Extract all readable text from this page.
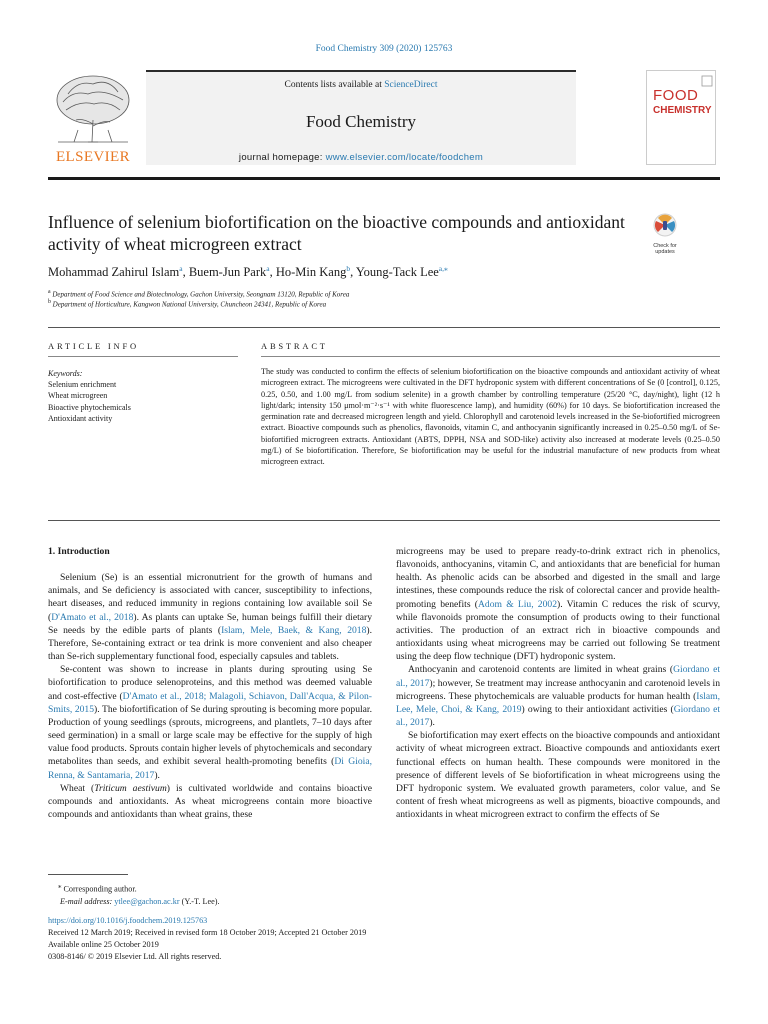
Food Chemistry 309 (2020) 125763
ELSEVIER
Contents lists available at ScienceDirect
Food Chemistry
journal homepage: www.elsevier.com/locate/foodchem
FOOD
CHEMISTRY
Influence of selenium biofortification on the bioactive compounds and antioxidant activity of wheat microgreen extract	Check for
updates
Mohammad Zahirul Islam$^a$, Buem-Jun Park$^a$, Ho-Min Kang$^b$, Young-Tack Lee$^{a,⁎}$
$^a$ Department of Food Science and Biotechnology, Gachon University, Seongnam 13120, Republic of Korea
$^b$ Department of Horticulture, Kangwon National University, Chuncheon 24341, Republic of Korea
ARTICLE INFO	ABSTRACT
Keywords:
Selenium enrichment
Wheat microgreen
Bioactive phytochemicals
Antioxidant activity
The study was conducted to confirm the effects of selenium biofortification on the bioactive compounds and antioxidant activity of wheat microgreen extract. The microgreens were cultivated in the DFT hydroponic system with different concentrations of Se (0 [control], 0.125, 0.25, 0.50, and 1.00 mg/L from sodium selenite) in a growth chamber by controlling temperature (25/20 °C, day/night), light (12 h light/dark; intensity 150 μmol·m⁻²·s⁻¹ with white fluorescence lamp), and humidity (60%) for 10 days. Se biofortification increased the germination rate and decreased microgreen length and yield. Chlorophyll and carotenoid levels increased in the Se-biofortified microgreen extract. Bioactive compounds such as phenolics, flavonoids, vitamin C, and anthocyanin significantly increased in 0.25–0.50 mg/L of Se-biofortified microgreen extracts. Antioxidant (ABTS, DPPH, NSA and SOD-like) activity also increased at moderate levels (0.25–0.50 mg/L) of Se biofortification. Therefore, Se biofortification may be useful for the industrial manufacture of new products from wheat microgreen extract.
1. Introduction

Selenium (Se) is an essential micronutrient for the growth of humans and animals, and Se deficiency is associated with cancer, susceptibility to infections, heart diseases, and reduced immunity in regions containing low available soil Se (D'Amato et al., 2018). As plants can uptake Se, human beings fulfill their dietary Se needs by the edible parts of plants (Islam, Mele, Baek, & Kang, 2018). Therefore, Se-containing extract or tea drink is more convenient and also cheaper than Se-rich supplementary functional food, especially capsules and tablets.

Se-content was shown to increase in plants during sprouting using Se biofortification to produce selenoproteins, and this method was deemed valuable and cost-effective (D'Amato et al., 2018; Malagoli, Schiavon, Dall'Acqua, & Pilon-Smits, 2015). The biofortification of Se during sprouting is becoming more popular. Production of young seedlings (sprouts, microgreens, and plantlets, 7–10 days after seed germination) in a small or large scale may be effective for the supply of high value food products. Sprouts contain higher levels of phytochemicals and secondary metabolites than seeds, and exhibit several health-promoting benefits (Di Gioia, Renna, & Santamaria, 2017).

Wheat (Triticum aestivum) is cultivated worldwide and contains bioactive compounds and antioxidants. As wheat microgreens contain more bioactive compounds and antioxidants than wheat grains, these

microgreens may be used to prepare ready-to-drink extract rich in phenolics, flavonoids, anthocyanins, vitamin C, and antioxidants that are beneficial for human health. As phenolic acids can be absorbed and digested in the small and large intestines, these compounds reduce the risk of colorectal cancer and provide health-promoting benefits (Adom & Liu, 2002). Vitamin C reduces the risk of scurvy, while flavonoids promote the consumption of products owing to their functional activities. The production of an extract rich in bioactive compounds and antioxidants using wheat microgreens may be carried out following Se treatment using the deep flow technique (DFT) hydroponic system.

Anthocyanin and carotenoid contents are limited in wheat grains (Giordano et al., 2017); however, Se treatment may increase anthocyanin and carotenoid levels in microgreens. These phytochemicals are valuable products for human health (Islam, Lee, Mele, Choi, & Kang, 2019) owing to their antioxidant activities (Giordano et al., 2017).

Se biofortification may exert effects on the bioactive compounds and antioxidant activity of wheat microgreen extract. Bioactive compounds and antioxidants exert functional effects on human health. These compounds were monitored in the presence of different levels of Se biofortification in wheat microgreens using the DFT hydroponic system. We evaluated growth parameters, color value, and Se content of fresh wheat microgreens as well as pigments, bioactive compounds, and antioxidants in wheat microgreen extract to confirm the effects of Se

⁎ Corresponding author.
E-mail address: ytlee@gachon.ac.kr (Y.-T. Lee).
https://doi.org/10.1016/j.foodchem.2019.125763
Received 12 March 2019; Received in revised form 18 October 2019; Accepted 21 October 2019
Available online 25 October 2019
0308-8146/ © 2019 Elsevier Ltd. All rights reserved.
